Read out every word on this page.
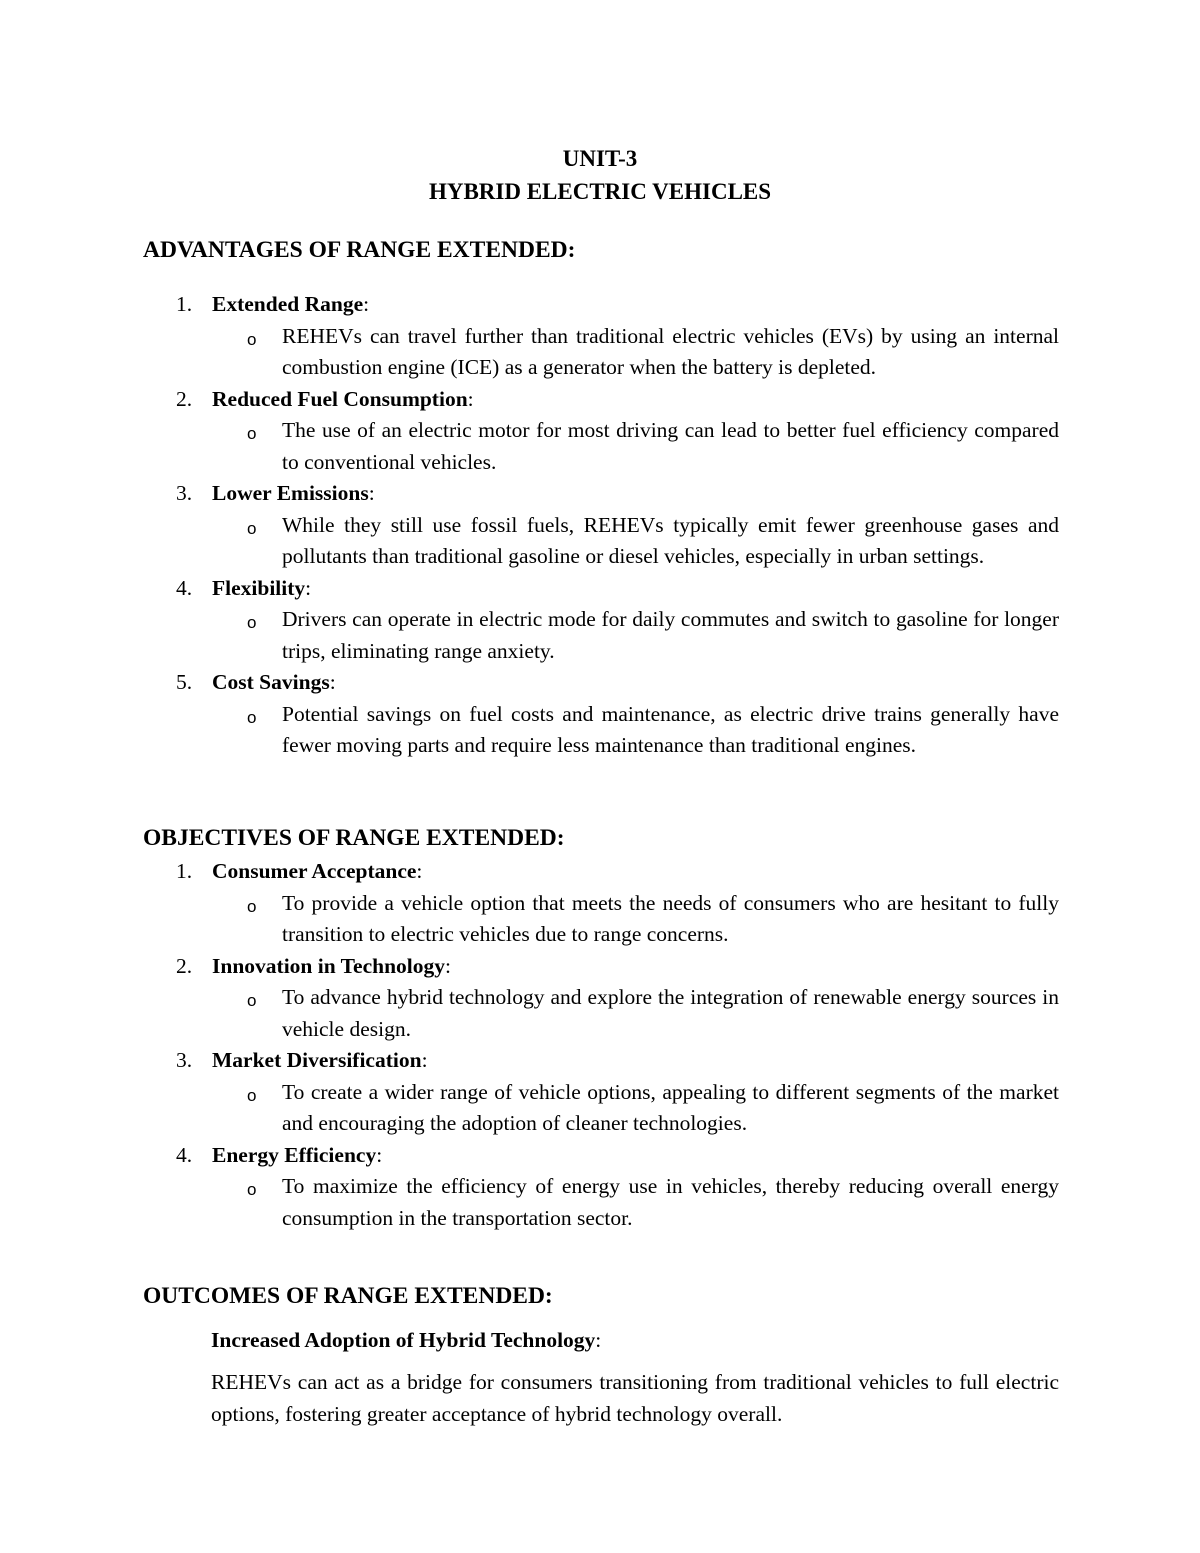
UNIT-3
HYBRID ELECTRIC VEHICLES
ADVANTAGES OF RANGE EXTENDED:
1. Extended Range:
o REHEVs can travel further than traditional electric vehicles (EVs) by using an internal combustion engine (ICE) as a generator when the battery is depleted.
2. Reduced Fuel Consumption:
o The use of an electric motor for most driving can lead to better fuel efficiency compared to conventional vehicles.
3. Lower Emissions:
o While they still use fossil fuels, REHEVs typically emit fewer greenhouse gases and pollutants than traditional gasoline or diesel vehicles, especially in urban settings.
4. Flexibility:
o Drivers can operate in electric mode for daily commutes and switch to gasoline for longer trips, eliminating range anxiety.
5. Cost Savings:
o Potential savings on fuel costs and maintenance, as electric drive trains generally have fewer moving parts and require less maintenance than traditional engines.
OBJECTIVES OF RANGE EXTENDED:
1. Consumer Acceptance:
o To provide a vehicle option that meets the needs of consumers who are hesitant to fully transition to electric vehicles due to range concerns.
2. Innovation in Technology:
o To advance hybrid technology and explore the integration of renewable energy sources in vehicle design.
3. Market Diversification:
o To create a wider range of vehicle options, appealing to different segments of the market and encouraging the adoption of cleaner technologies.
4. Energy Efficiency:
o To maximize the efficiency of energy use in vehicles, thereby reducing overall energy consumption in the transportation sector.
OUTCOMES OF RANGE EXTENDED:
Increased Adoption of Hybrid Technology:

REHEVs can act as a bridge for consumers transitioning from traditional vehicles to full electric options, fostering greater acceptance of hybrid technology overall.
